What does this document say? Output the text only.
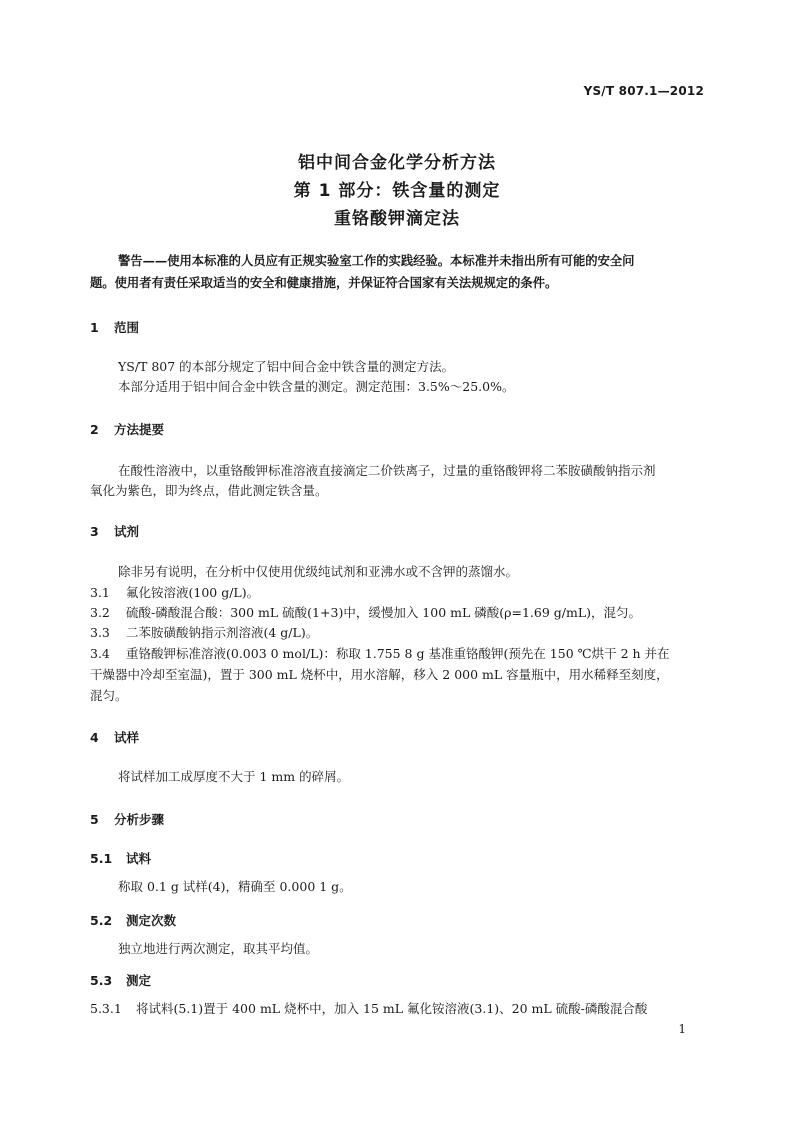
YS/T 807.1—2012
铝中间合金化学分析方法
第 1 部分：铁含量的测定
重铬酸钾滴定法
警告——使用本标准的人员应有正规实验室工作的实践经验。本标准并未指出所有可能的安全问
题。使用者有责任采取适当的安全和健康措施，并保证符合国家有关法规规定的条件。
1 范围
YS/T 807 的本部分规定了铝中间合金中铁含量的测定方法。
本部分适用于铝中间合金中铁含量的测定。测定范围：3.5%～25.0%。
2 方法提要
在酸性溶液中，以重铬酸钾标准溶液直接滴定二价铁离子，过量的重铬酸钾将二苯胺磺酸钠指示剂
氧化为紫色，即为终点，借此测定铁含量。
3 试剂
除非另有说明，在分析中仅使用优级纯试剂和亚沸水或不含钾的蒸馏水。
3.1 氟化铵溶液(100 g/L)。
3.2 硫酸-磷酸混合酸：300 mL 硫酸(1+3)中，缓慢加入 100 mL 磷酸(ρ=1.69 g/mL)，混匀。
3.3 二苯胺磺酸钠指示剂溶液(4 g/L)。
3.4 重铬酸钾标准溶液(0.003 0 mol/L)：称取 1.755 8 g 基准重铬酸钾(预先在 150 ℃烘干 2 h 并在
干燥器中冷却至室温)，置于 300 mL 烧杯中，用水溶解，移入 2 000 mL 容量瓶中，用水稀释至刻度，
混匀。
4 试样
将试样加工成厚度不大于 1 mm 的碎屑。
5 分析步骤
5.1 试料
称取 0.1 g 试样(4)，精确至 0.000 1 g。
5.2 测定次数
独立地进行两次测定，取其平均值。
5.3 测定
5.3.1 将试料(5.1)置于 400 mL 烧杯中，加入 15 mL 氟化铵溶液(3.1)、20 mL 硫酸-磷酸混合酸
1
